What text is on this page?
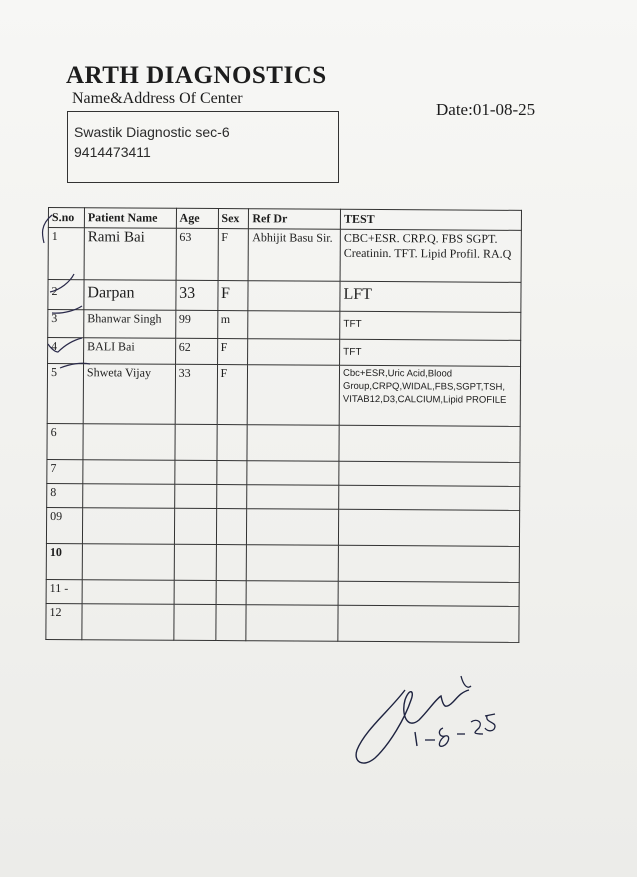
ARTH DIAGNOSTICS
Name&Address Of Center
Date:01-08-25
Swastik Diagnostic sec-6
9414473411
S.no	Patient Name	Age	Sex	Ref Dr	TEST
1	Rami Bai	63	F	Abhijit Basu Sir.	CBC+ESR. CRP.Q. FBS SGPT. Creatinin. TFT. Lipid Profil. RA.Q
2	Darpan	33	F		LFT
3	Bhanwar Singh	99	m		TFT
4	BALI Bai	62	F		TFT
5	Shweta Vijay	33	F		Cbc+ESR,Uric Acid,Blood Group,CRPQ,WIDAL,FBS,SGPT,TSH, VITAB12,D3,CALCIUM,Lipid PROFILE
6					
7					
8					
09					
10					
11 -					
12					
